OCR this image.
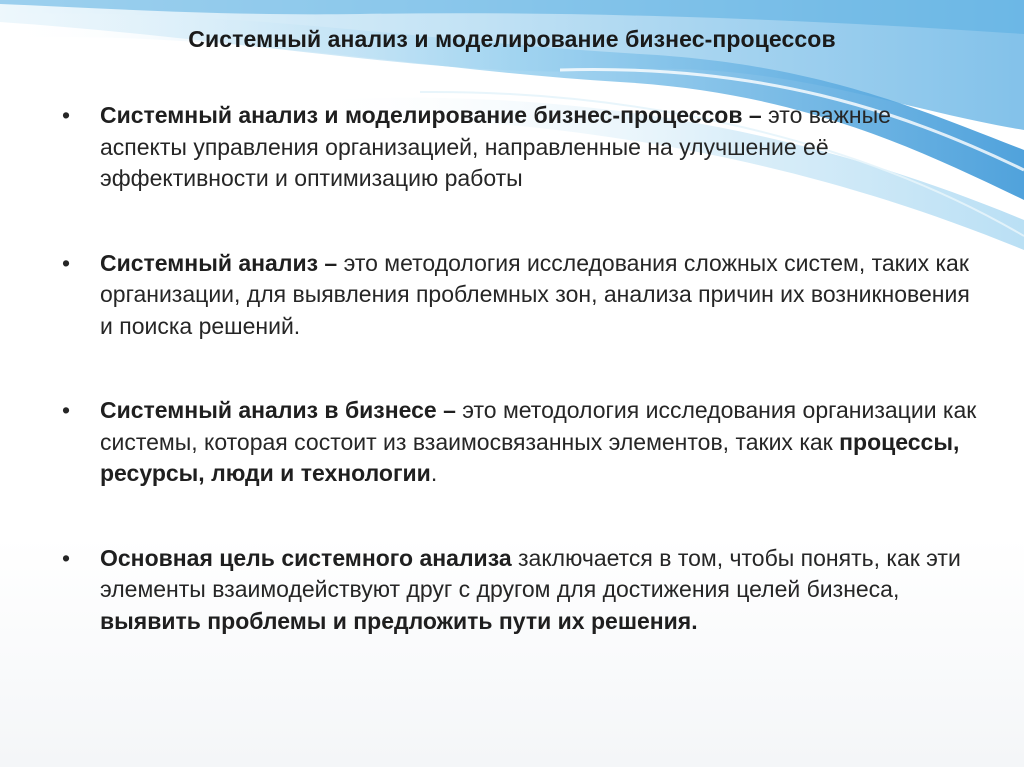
Системный анализ и моделирование бизнес-процессов
•	Системный анализ и моделирование бизнес-процессов – это важные аспекты управления организацией, направленные на улучшение её эффективности и оптимизацию работы
•	Системный анализ – это методология исследования сложных систем, таких как организации, для выявления проблемных зон, анализа причин их возникновения и поиска решений.
•	Системный анализ в бизнесе – это методология исследования организации как системы, которая состоит из взаимосвязанных элементов, таких как процессы, ресурсы, люди и технологии.
•	Основная цель системного анализа заключается в том, чтобы понять, как эти элементы взаимодействуют друг с другом для достижения целей бизнеса, выявить проблемы и предложить пути их решения.
